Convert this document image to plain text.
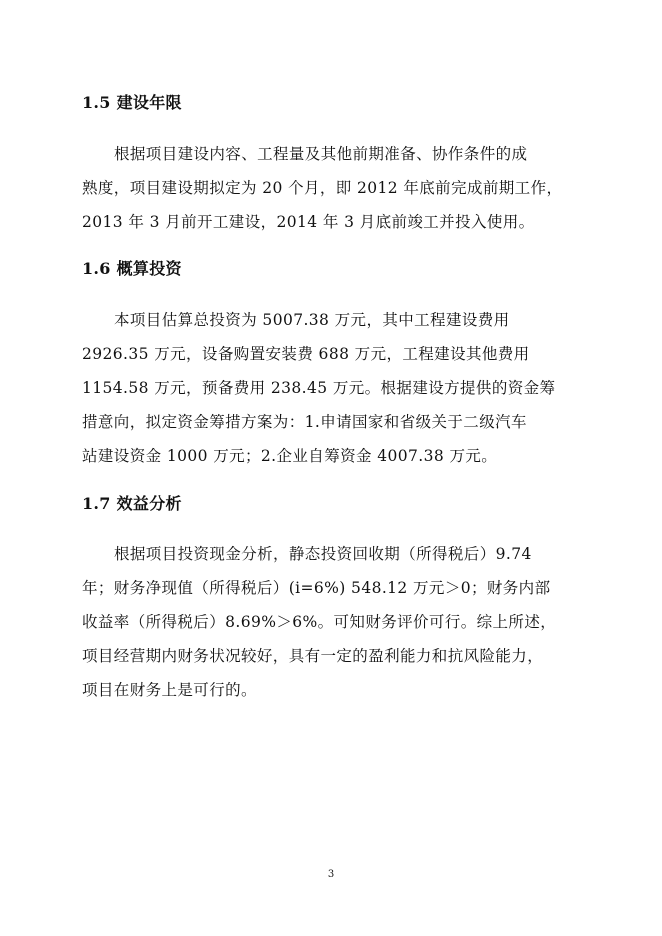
1.5 建设年限
根据项目建设内容、工程量及其他前期准备、协作条件的成
熟度，项目建设期拟定为 20 个月，即 2012 年底前完成前期工作，
2013 年 3 月前开工建设，2014 年 3 月底前竣工并投入使用。
1.6 概算投资
本项目估算总投资为 5007.38 万元，其中工程建设费用
2926.35 万元，设备购置安装费 688 万元，工程建设其他费用
1154.58 万元，预备费用 238.45 万元。根据建设方提供的资金筹
措意向，拟定资金筹措方案为：1.申请国家和省级关于二级汽车
站建设资金 1000 万元；2.企业自筹资金 4007.38 万元。
1.7 效益分析
根据项目投资现金分析，静态投资回收期（所得税后）9.74
年；财务净现值（所得税后）(i=6%) 548.12 万元＞0；财务内部
收益率（所得税后）8.69%＞6%。可知财务评价可行。综上所述，
项目经营期内财务状况较好，具有一定的盈利能力和抗风险能力，
项目在财务上是可行的。
3
